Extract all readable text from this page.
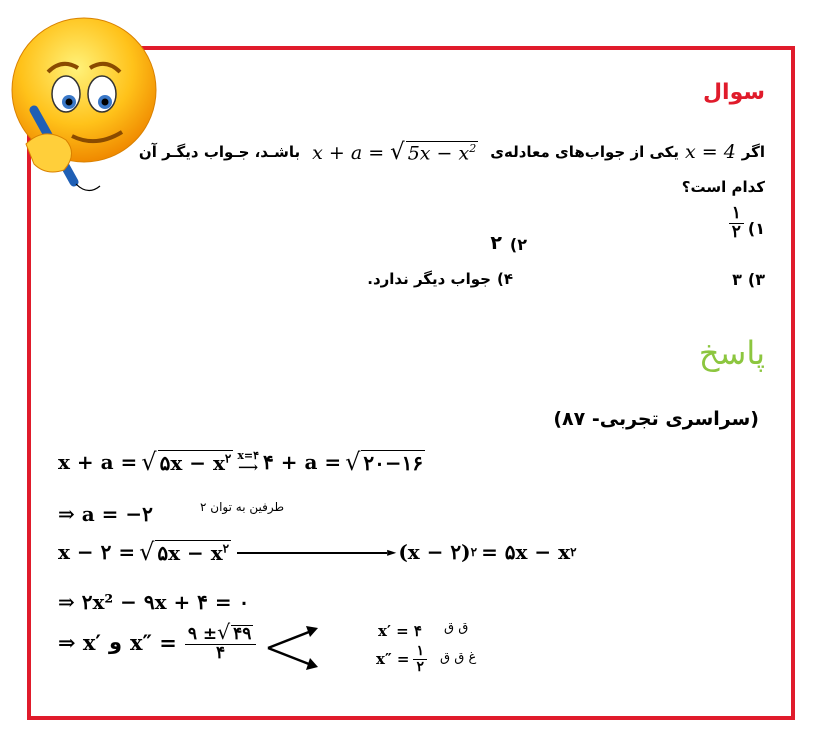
سوال
اگر
x = 4
یکی از جواب‌های معادله‌ی
x + a = √ $5x - x^2$
باشـد، جـواب دیگـر آن
کدام است؟
۱)
$\frac{۱}{۲}$
۲)
۲
۳)
۳
۴)
جواب دیگر ندارد.
پاسخ
(سراسری تجربی- ۸۷)
x + a = √ ۵x − $x^۲$ x=۴
⟶ ۴ + a = √ ۲۰−۱۶
⇒ a = −۲	طرفین به توان ۲
x − ۲ = √ ۵x − $x^۲$	► (x − ۲) ۲ = ۵x − x ۲
⇒ ۲x² − ۹x + ۴ = ۰
⇒ x′ و $x'' = \frac{۹ \pm√ ۴۹}{۴}$	x′ = ۴ ق ق
$x'' = \frac{۱}{۲}$ غ ق ق
